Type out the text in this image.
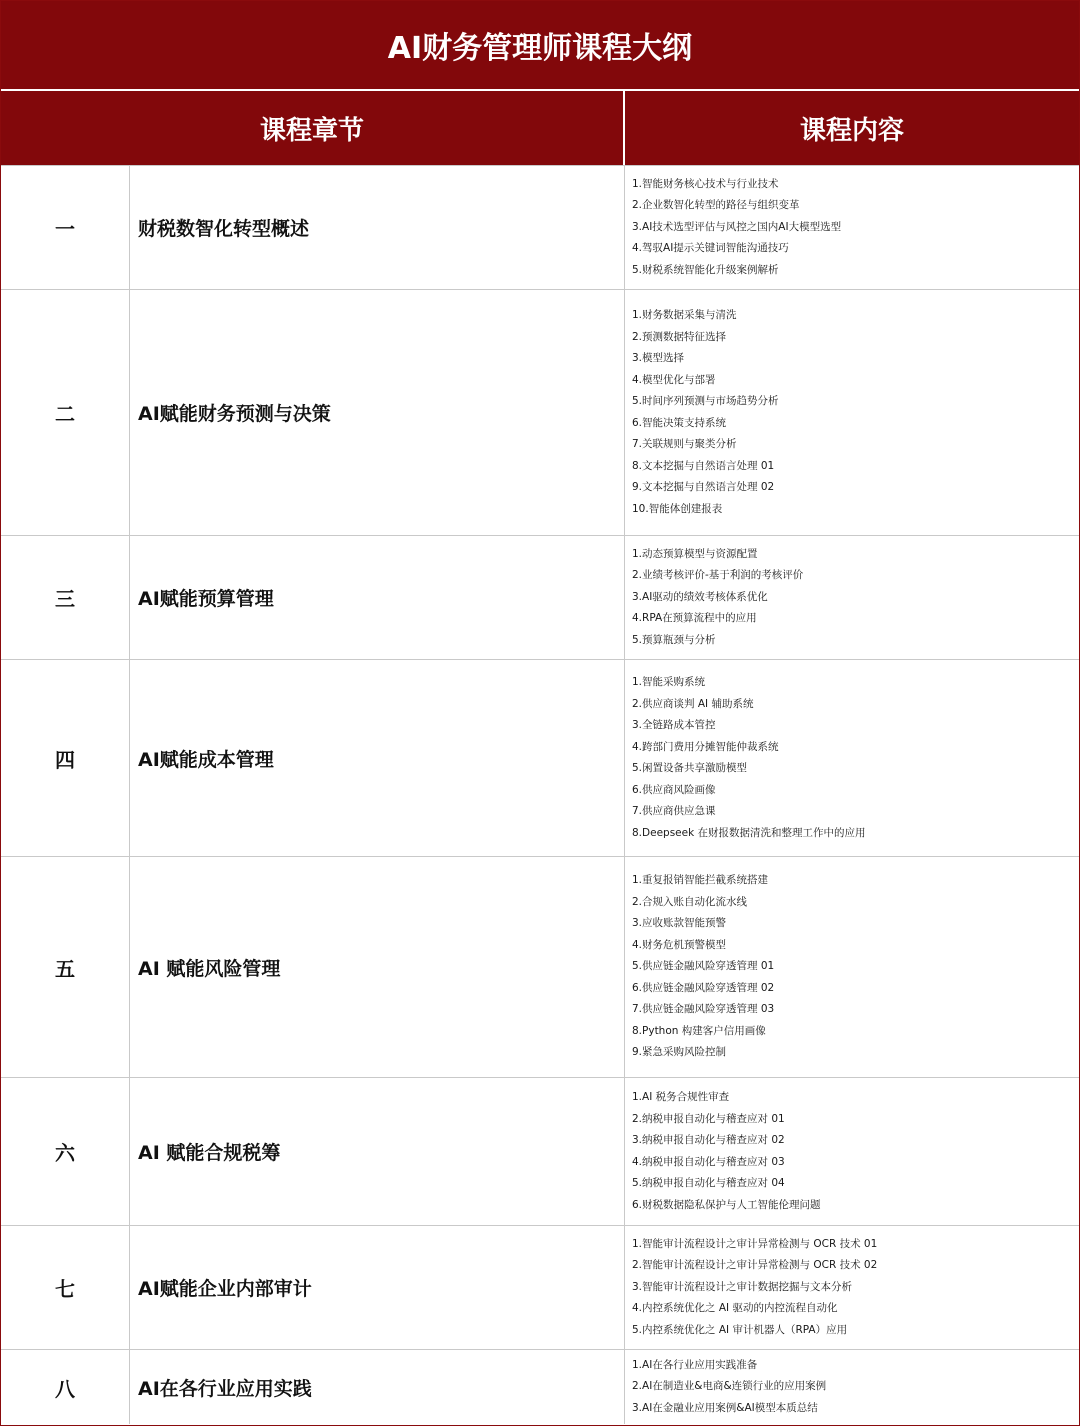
AI财务管理师课程大纲
课程章节	课程内容
一	财税数智化转型概述
1.智能财务核心技术与行业技术
2.企业数智化转型的路径与组织变革
3.AI技术选型评估与风控之国内AI大模型选型
4.驾驭AI提示关键词智能沟通技巧
5.财税系统智能化升级案例解析
二	AI赋能财务预测与决策
1.财务数据采集与清洗
2.预测数据特征选择
3.模型选择
4.模型优化与部署
5.时间序列预测与市场趋势分析
6.智能决策支持系统
7.关联规则与聚类分析
8.文本挖掘与自然语言处理 01
9.文本挖掘与自然语言处理 02
10.智能体创建报表
三	AI赋能预算管理
1.动态预算模型与资源配置
2.业绩考核评价-基于利润的考核评价
3.AI驱动的绩效考核体系优化
4.RPA在预算流程中的应用
5.预算瓶颈与分析
四	AI赋能成本管理
1.智能采购系统
2.供应商谈判 AI 辅助系统
3.全链路成本管控
4.跨部门费用分摊智能仲裁系统
5.闲置设备共享激励模型
6.供应商风险画像
7.供应商供应急课
8.Deepseek 在财报数据清洗和整理工作中的应用
五	AI 赋能风险管理
1.重复报销智能拦截系统搭建
2.合规入账自动化流水线
3.应收账款智能预警
4.财务危机预警模型
5.供应链金融风险穿透管理 01
6.供应链金融风险穿透管理 02
7.供应链金融风险穿透管理 03
8.Python 构建客户信用画像
9.紧急采购风险控制
六	AI 赋能合规税筹
1.AI 税务合规性审查
2.纳税申报自动化与稽查应对 01
3.纳税申报自动化与稽查应对 02
4.纳税申报自动化与稽查应对 03
5.纳税申报自动化与稽查应对 04
6.财税数据隐私保护与人工智能伦理问题
七	AI赋能企业内部审计
1.智能审计流程设计之审计异常检测与 OCR 技术 01
2.智能审计流程设计之审计异常检测与 OCR 技术 02
3.智能审计流程设计之审计数据挖掘与文本分析
4.内控系统优化之 AI 驱动的内控流程自动化
5.内控系统优化之 AI 审计机器人（RPA）应用
八	AI在各行业应用实践
1.AI在各行业应用实践准备
2.AI在制造业&电商&连锁行业的应用案例
3.AI在金融业应用案例&AI模型本质总结
